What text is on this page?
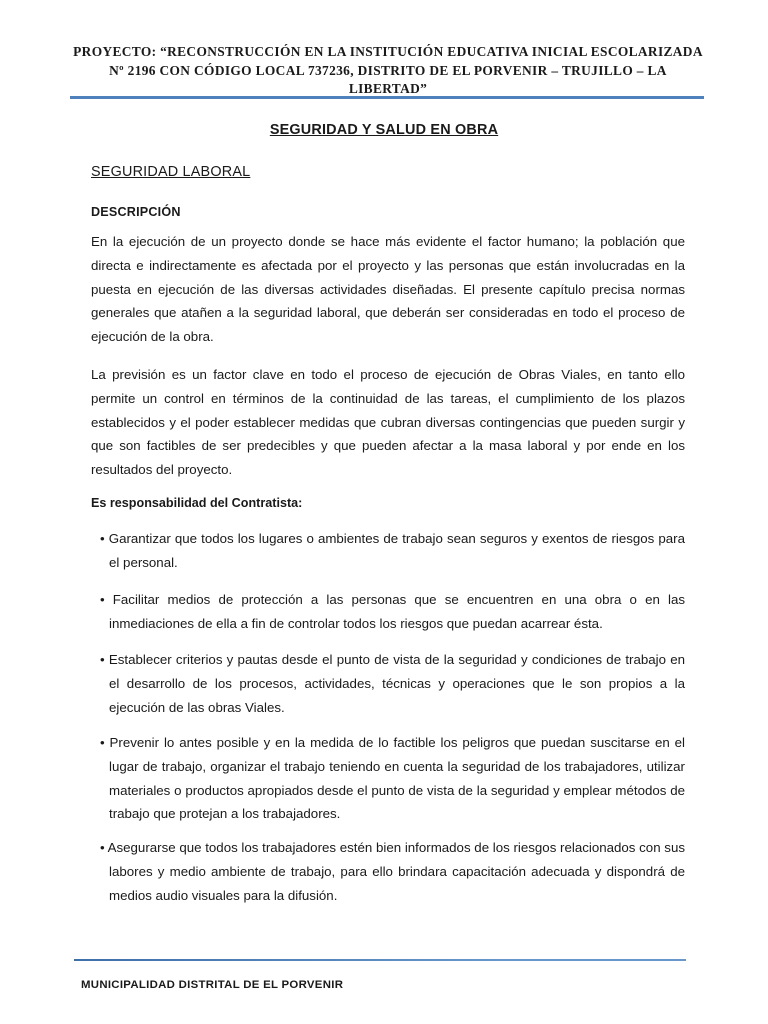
PROYECTO: “RECONSTRUCCIÓN EN LA INSTITUCIÓN EDUCATIVA INICIAL ESCOLARIZADA Nº 2196 CON CÓDIGO LOCAL 737236, DISTRITO DE EL PORVENIR – TRUJILLO – LA LIBERTAD”
SEGURIDAD Y SALUD EN OBRA
SEGURIDAD LABORAL
DESCRIPCIÓN
En la ejecución de un proyecto donde se hace más evidente el factor humano; la población que directa e indirectamente es afectada por el proyecto y las personas que están involucradas en la puesta en ejecución de las diversas actividades diseñadas. El presente capítulo precisa normas generales que atañen a la seguridad laboral, que deberán ser consideradas en todo el proceso de ejecución de la obra.
La previsión es un factor clave en todo el proceso de ejecución de Obras Viales, en tanto ello permite un control en términos de la continuidad de las tareas, el cumplimiento de los plazos establecidos y el poder establecer medidas que cubran diversas contingencias que pueden surgir y que son factibles de ser predecibles y que pueden afectar a la masa laboral y por ende en los resultados del proyecto.
Es responsabilidad del Contratista:
• Garantizar que todos los lugares o ambientes de trabajo sean seguros y exentos de riesgos para el personal.
• Facilitar medios de protección a las personas que se encuentren en una obra o en las inmediaciones de ella a fin de controlar todos los riesgos que puedan acarrear ésta.
• Establecer criterios y pautas desde el punto de vista de la seguridad y condiciones de trabajo en el desarrollo de los procesos, actividades, técnicas y operaciones que le son propios a la ejecución de las obras Viales.
• Prevenir lo antes posible y en la medida de lo factible los peligros que puedan suscitarse en el lugar de trabajo, organizar el trabajo teniendo en cuenta la seguridad de los trabajadores, utilizar materiales o productos apropiados desde el punto de vista de la seguridad y emplear métodos de trabajo que protejan a los trabajadores.
• Asegurarse que todos los trabajadores estén bien informados de los riesgos relacionados con sus labores y medio ambiente de trabajo, para ello brindara capacitación adecuada y dispondrá de medios audio visuales para la difusión.
MUNICIPALIDAD DISTRITAL DE EL PORVENIR
